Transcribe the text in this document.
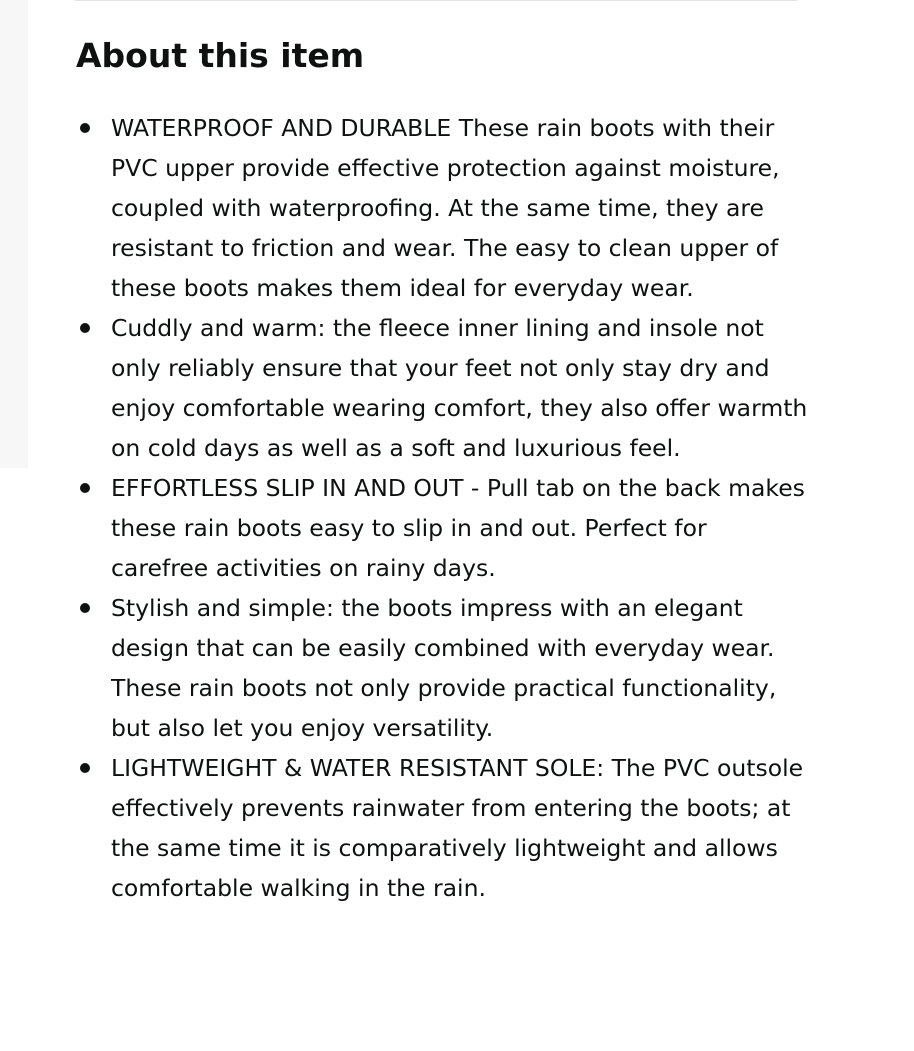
About this item
WATERPROOF AND DURABLE These rain boots with their PVC upper provide effective protection against moisture, coupled with waterproofing. At the same time, they are resistant to friction and wear. The easy to clean upper of these boots makes them ideal for everyday wear.
Cuddly and warm: the fleece inner lining and insole not only reliably ensure that your feet not only stay dry and enjoy comfortable wearing comfort, they also offer warmth on cold days as well as a soft and luxurious feel.
EFFORTLESS SLIP IN AND OUT - Pull tab on the back makes these rain boots easy to slip in and out. Perfect for carefree activities on rainy days.
Stylish and simple: the boots impress with an elegant design that can be easily combined with everyday wear. These rain boots not only provide practical functionality, but also let you enjoy versatility.
LIGHTWEIGHT & WATER RESISTANT SOLE: The PVC outsole effectively prevents rainwater from entering the boots; at the same time it is comparatively lightweight and allows comfortable walking in the rain.
